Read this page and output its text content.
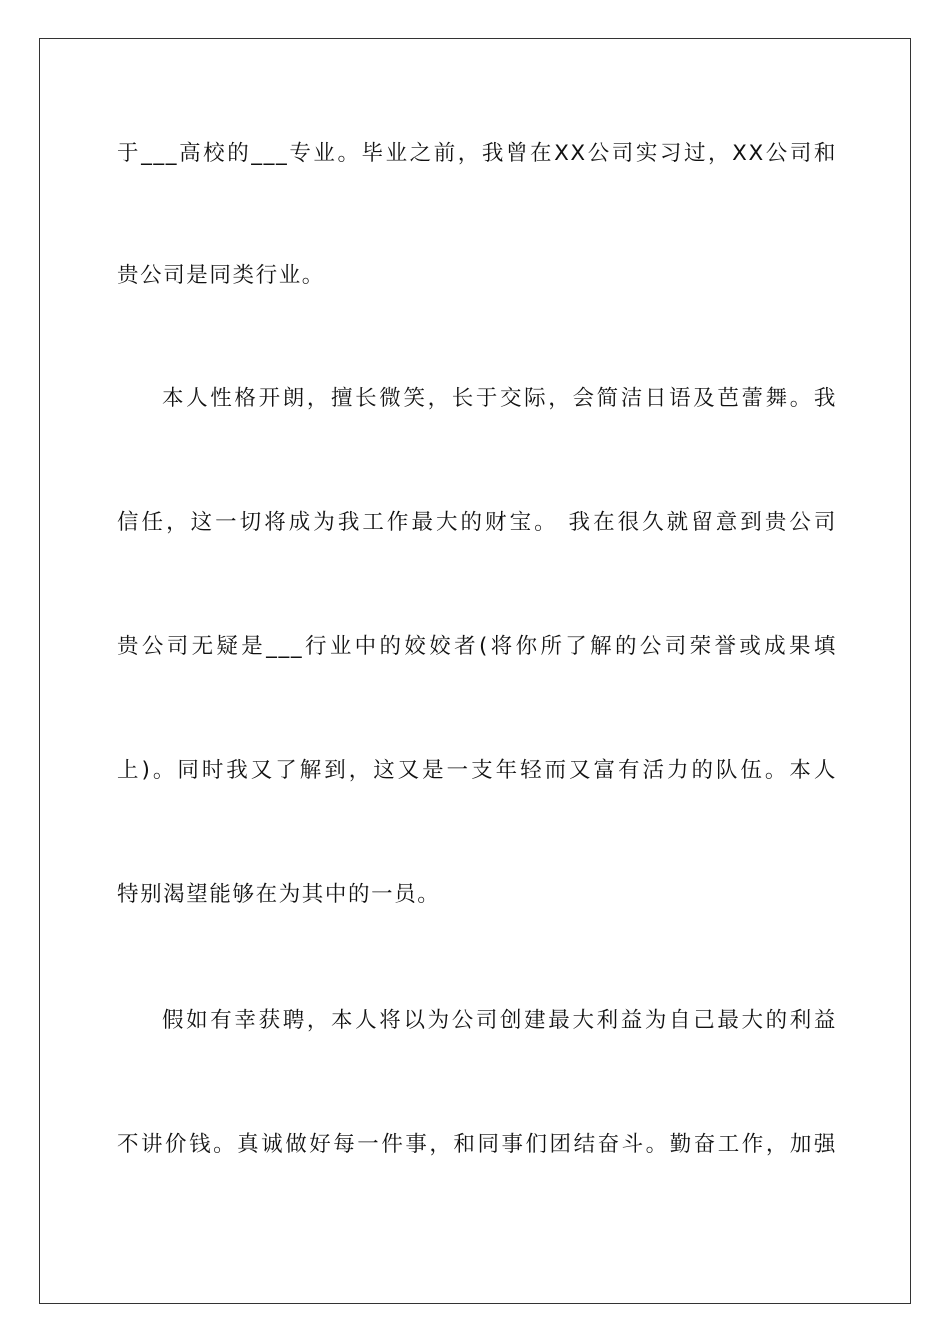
于___高校的___专业。毕业之前，我曾在XX公司实习过，XX公司和
贵公司是同类行业。
本人性格开朗，擅长微笑，长于交际，会简洁日语及芭蕾舞。我
信任，这一切将成为我工作最大的财宝。 我在很久就留意到贵公司
贵公司无疑是___行业中的姣姣者(将你所了解的公司荣誉或成果填
上)。同时我又了解到，这又是一支年轻而又富有活力的队伍。本人
特别渴望能够在为其中的一员。
假如有幸获聘，本人将以为公司创建最大利益为自己最大的利益
不讲价钱。真诚做好每一件事，和同事们团结奋斗。勤奋工作，加强
